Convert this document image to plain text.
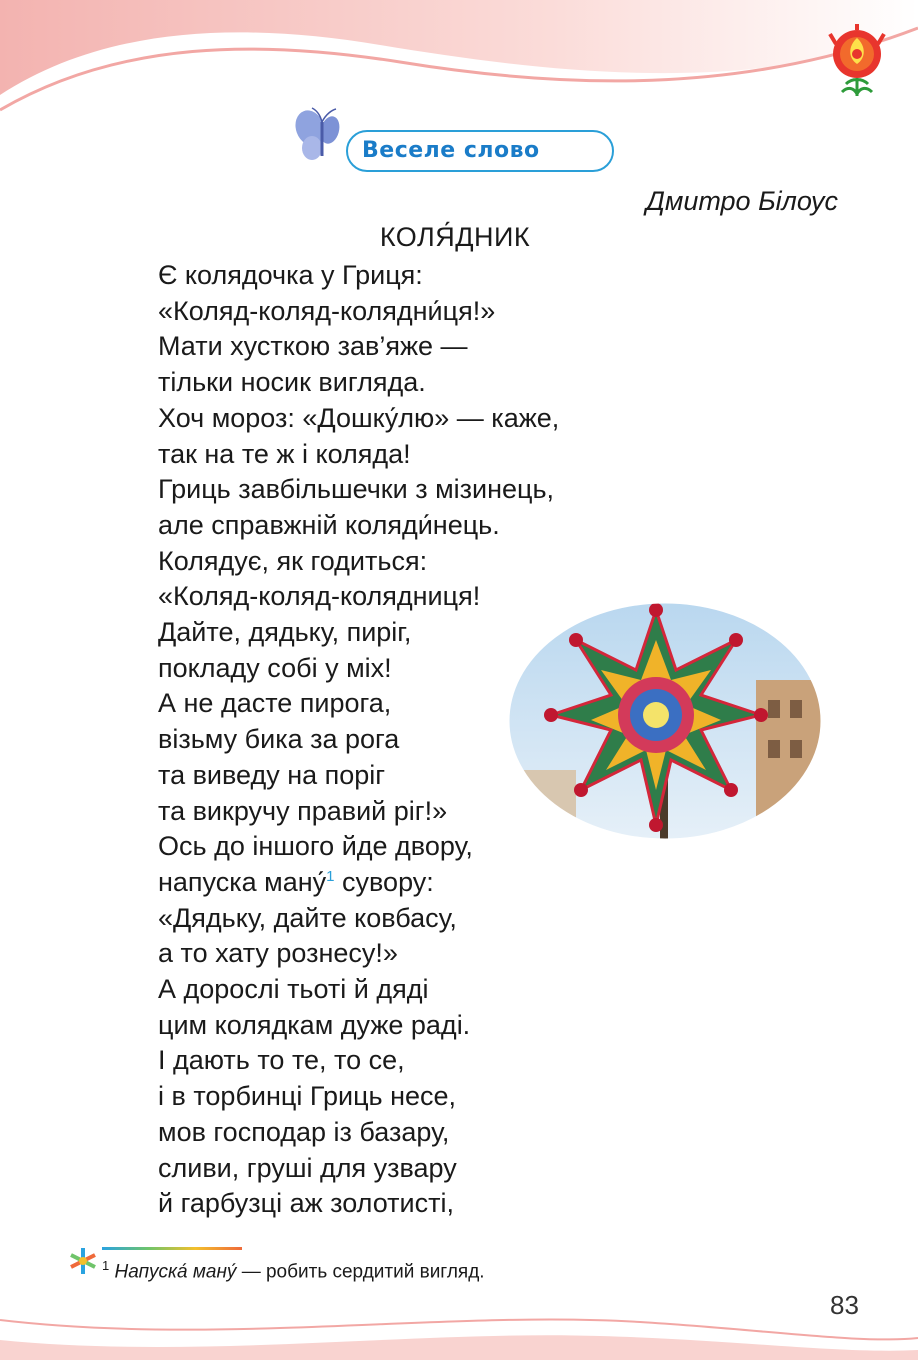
Веселе слово
Дмитро Білоус
КОЛЯ́ДНИК
Є колядочка у Гриця:
«Коляд-коляд-колядни́ця!»
Мати хусткою зав’яже —
тільки носик вигляда.
Хоч мороз: «Дошку́лю» — каже,
так на те ж і коляда!
Гриць завбільшечки з мізинець,
але справжній коляди́нець.
Колядує, як годиться:
«Коляд-коляд-колядниця!
Дайте, дядьку, пиріг,
покладу собі у міх!
А не дасте пирога,
візьму бика за рога
та виведу на поріг
та викручу правий ріг!»
Ось до іншого йде двору,
напуска ману́$^1$ сувору:
«Дядьку, дайте ковбасу,
а то хату рознесу!»
А дорослі тьоті й дяді
цим колядкам дуже раді.
І дають то те, то се,
і в торбинці Гриць несе,
мов господар із базару,
сливи, груші для узвару
й гарбузці аж золотисті,
$^1$ Напуска́ ману́ — робить сердитий вигляд.
83
